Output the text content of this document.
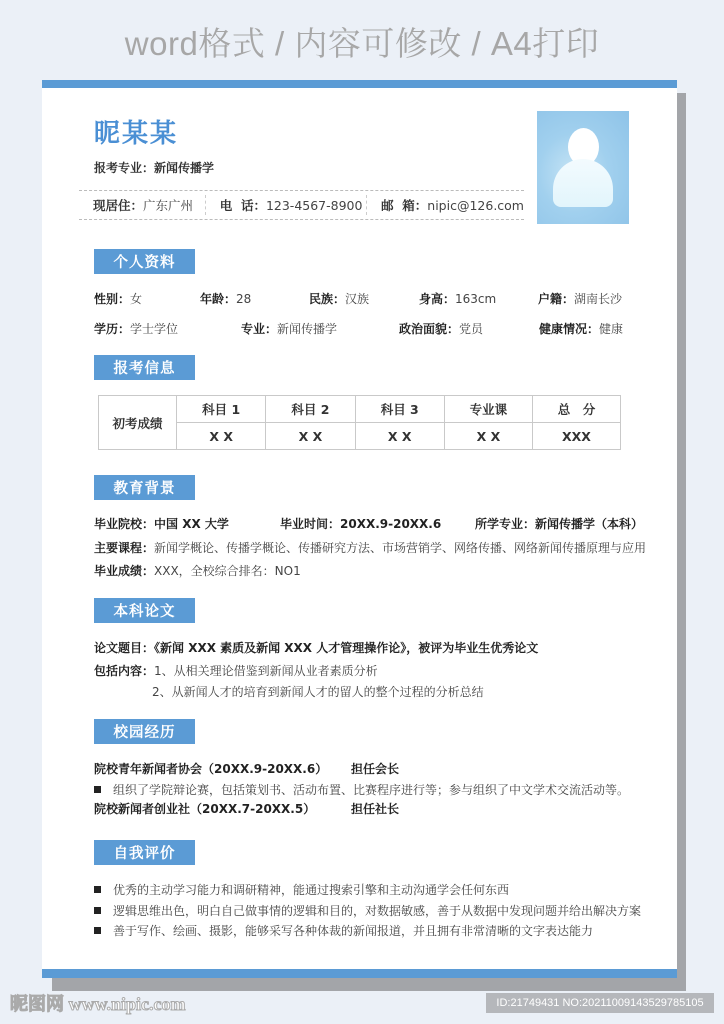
word格式 / 内容可修改 / A4打印
昵某某
报考专业：新闻传播学
现居住： 广东广州 电  话： 123-4567-8900 邮  箱： nipic@126.com
个人资料
性别：女	年龄：28	民族：汉族	身高：163cm	户籍：湖南长沙
学历：学士学位	专业：新闻传播学	政治面貌：党员	健康情况：健康
报考信息
初考成绩	科目 1	科目 2	科目 3	专业课	总　分
	X X	X X	X X	X X	XXX
教育背景
毕业院校：中国 XX 大学	毕业时间：20XX.9-20XX.6	所学专业：新闻传播学（本科）
主要课程：新闻学概论、传播学概论、传播研究方法、市场营销学、网络传播、网络新闻传播原理与应用
毕业成绩：XXX，全校综合排名：NO1
本科论文
论文题目：《新闻 XXX 素质及新闻 XXX 人才管理操作论》，被评为毕业生优秀论文
包括内容：1、从相关理论借鉴到新闻从业者素质分析
2、从新闻人才的培育到新闻人才的留人的整个过程的分析总结
校园经历
院校青年新闻者协会（20XX.9-20XX.6） 担任会长
组织了学院辩论赛，包括策划书、活动布置、比赛程序进行等；参与组织了中文学术交流活动等。
院校新闻者创业社（20XX.7-20XX.5）	担任社长
自我评价
优秀的主动学习能力和调研精神，能通过搜索引擎和主动沟通学会任何东西
逻辑思维出色，明白自己做事情的逻辑和目的，对数据敏感，善于从数据中发现问题并给出解决方案
善于写作、绘画、摄影，能够采写各种体裁的新闻报道，并且拥有非常清晰的文字表达能力
昵图网 www.nipic.com	ID:21749431 NO:20211009143529785105
